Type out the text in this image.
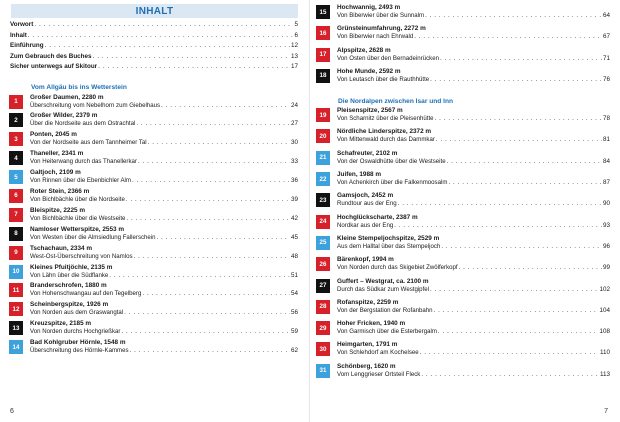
INHALT
Vorwort . . .	5
Inhalt . . .	6
Einführung . . .	12
Zum Gebrauch des Buches . . .	13
Sicher unterwegs auf Skitour . . .	17
Vom Allgäu bis ins Wetterstein
1
Großer Daumen, 2280 m
Überschreitung vom Nebelhorn zum Giebelhaus . . .	24
2
Großer Wilder, 2379 m
Über die Nordseite aus dem Ostrachtal . . .	27
3
Ponten, 2045 m
Von der Nordseite aus dem Tannheimer Tal . . .	30
4
Thaneller, 2341 m
Von Heiterwang durch das Thanellerkar . . .	33
5
Galtjoch, 2109 m
Von Rinnen über die Ebenbichler Alm . . .	36
6
Roter Stein, 2366 m
Von Bichlbächle über die Nordseite . . .	39
7
Bleispitze, 2225 m
Von Bichlbächle über die Westseite . . .	42
8
Namloser Wetterspitze, 2553 m
Von Westen über die Almsiedlung Fallerschein . . .	45
9
Tschachaun, 2334 m
West-Ost-Überschreitung von Namlos . . .	48
10
Kleines Pfuitjöchle, 2135 m
Von Lähn über die Südflanke . . .	51
11
Branderschrofen, 1880 m
Von Hohenschwangau auf den Tegelberg . . .	54
12
Scheinbergspitze, 1926 m
Von Norden aus dem Graswangtal . . .	56
13
Kreuzspitze, 2185 m
Von Norden durchs Hochgrießkar . . .	59
14
Bad Kohlgruber Hörnle, 1548 m
Überschreitung des Hörnle-Kammes . . .	62
6
15
Hochwannig, 2493 m
Von Biberwier über die Sunnalm . . .	64
16
Grünsteinumfahrung, 2272 m
Von Biberwier nach Ehrwald . . .	67
17
Alpspitze, 2628 m
Von Osten über den Bernadeinrücken . . .	71
18
Hohe Munde, 2592 m
Von Leutasch über die Rauthhütte . . .	76
Die Nordalpen zwischen Isar und Inn
19
Pleisenspitze, 2567 m
Von Scharnitz über die Pleisenhütte . . .	78
20
Nördliche Linderspitze, 2372 m
Von Mittenwald durch das Dammkar . . .	81
21
Schafreuter, 2102 m
Von der Oswaldhütte über die Westseite . . .	84
22
Juifen, 1988 m
Von Achenkirch über die Falkenmoosalm . . .	87
23
Gamsjoch, 2452 m
Rundtour aus der Eng . . .	90
24
Hochglückscharte, 2387 m
Nordkar aus der Eng . . .	93
25
Kleine Stempeljochspitze, 2529 m
Aus dem Halltal über das Stempeljoch . . .	96
26
Bärenkopf, 1994 m
Von Norden durch das Skigebiet Zwölferkopf . . .	99
27
Guffert – Westgrat, ca. 2100 m
Durch das Südkar zum Westgipfel . . .	102
28
Rofanspitze, 2259 m
Von der Bergstation der Rofanbahn . . .	104
29
Hoher Fricken, 1940 m
Von Garmisch über die Esterbergalm . . .	108
30
Heimgarten, 1791 m
Von Schlehdorf am Kochelsee . . .	110
31
Schönberg, 1620 m
Vom Lenggrieser Ortsteil Fleck . . .	113
7
